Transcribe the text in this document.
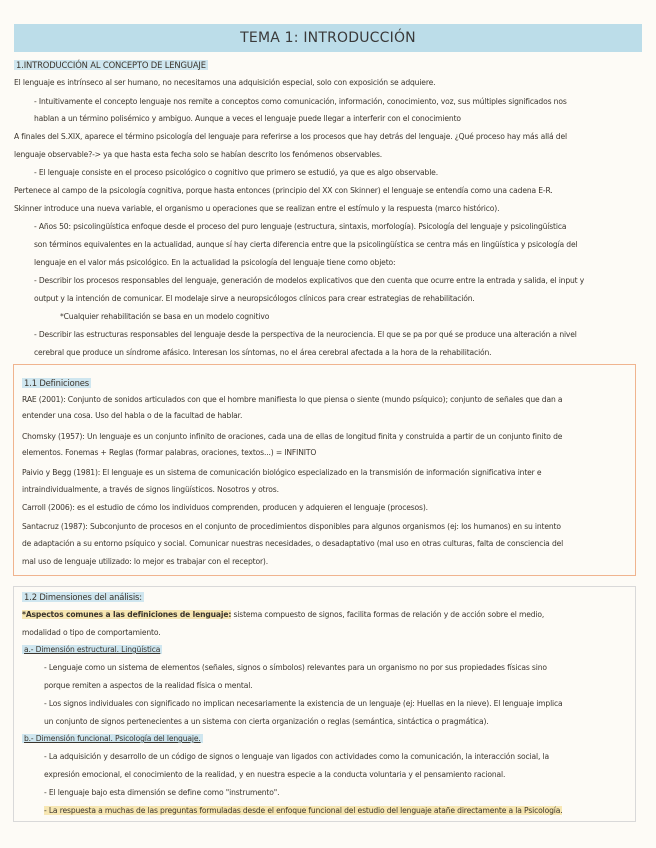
TEMA 1: INTRODUCCIÓN
1.INTRODUCCIÓN AL CONCEPTO DE LENGUAJE
El lenguaje es intrínseco al ser humano, no necesitamos una adquisición especial, solo con exposición se adquiere.
- Intuitivamente el concepto lenguaje nos remite a conceptos como comunicación, información, conocimiento, voz, sus múltiples significados nos
hablan a un término polisémico y ambiguo. Aunque a veces el lenguaje puede llegar a interferir con el conocimiento
A finales del S.XIX, aparece el término psicología del lenguaje para referirse a los procesos que hay detrás del lenguaje. ¿Qué proceso hay más allá del
lenguaje observable?-> ya que hasta esta fecha solo se habían descrito los fenómenos observables.
- El lenguaje consiste en el proceso psicológico o cognitivo que primero se estudió, ya que es algo observable.
Pertenece al campo de la psicología cognitiva, porque hasta entonces (principio del XX con Skinner) el lenguaje se entendía como una cadena E-R.
Skinner introduce una nueva variable, el organismo u operaciones que se realizan entre el estímulo y la respuesta (marco histórico).
- Años 50: psicolingüística enfoque desde el proceso del puro lenguaje (estructura, sintaxis, morfología). Psicología del lenguaje y psicolingüística
son términos equivalentes en la actualidad, aunque sí hay cierta diferencia entre que la psicolingüística se centra más en lingüística y psicología del
lenguaje en el valor más psicológico. En la actualidad la psicología del lenguaje tiene como objeto:
- Describir los procesos responsables del lenguaje, generación de modelos explicativos que den cuenta que ocurre entre la entrada y salida, el input y
output y la intención de comunicar. El modelaje sirve a neuropsicólogos clínicos para crear estrategias de rehabilitación.
*Cualquier rehabilitación se basa en un modelo cognitivo
- Describir las estructuras responsables del lenguaje desde la perspectiva de la neurociencia. El que se pa por qué se produce una alteración a nivel
cerebral que produce un síndrome afásico. Interesan los síntomas, no el área cerebral afectada a la hora de la rehabilitación.
1.1 Definiciones
RAE (2001): Conjunto de sonidos articulados con que el hombre manifiesta lo que piensa o siente (mundo psíquico); conjunto de señales que dan a
entender una cosa. Uso del habla o de la facultad de hablar.
Chomsky (1957): Un lenguaje es un conjunto infinito de oraciones, cada una de ellas de longitud finita y construida a partir de un conjunto finito de
elementos. Fonemas + Reglas (formar palabras, oraciones, textos...) = INFINITO
Paivio y Begg (1981): El lenguaje es un sistema de comunicación biológico especializado en la transmisión de información significativa inter e
intraindividualmente, a través de signos lingüísticos. Nosotros y otros.
Carroll (2006): es el estudio de cómo los individuos comprenden, producen y adquieren el lenguaje (procesos).
Santacruz (1987): Subconjunto de procesos en el conjunto de procedimientos disponibles para algunos organismos (ej: los humanos) en su intento
de adaptación a su entorno psíquico y social. Comunicar nuestras necesidades, o desadaptativo (mal uso en otras culturas, falta de consciencia del
mal uso de lenguaje utilizado: lo mejor es trabajar con el receptor).
1.2 Dimensiones del análisis:
*Aspectos comunes a las definiciones de lenguaje: sistema compuesto de signos, facilita formas de relación y de acción sobre el medio,
modalidad o tipo de comportamiento.
a.- Dimensión estructural. Lingüística
- Lenguaje como un sistema de elementos (señales, signos o símbolos) relevantes para un organismo no por sus propiedades físicas sino
porque remiten a aspectos de la realidad física o mental.
- Los signos individuales con significado no implican necesariamente la existencia de un lenguaje (ej: Huellas en la nieve). El lenguaje implica
un conjunto de signos pertenecientes a un sistema con cierta organización o reglas (semántica, sintáctica o pragmática).
b.- Dimensión funcional. Psicología del lenguaje.
- La adquisición y desarrollo de un código de signos o lenguaje van ligados con actividades como la comunicación, la interacción social, la
expresión emocional, el conocimiento de la realidad, y en nuestra especie a la conducta voluntaria y el pensamiento racional.
- El lenguaje bajo esta dimensión se define como "instrumento".
- La respuesta a muchas de las preguntas formuladas desde el enfoque funcional del estudio del lenguaje atañe directamente a la Psicología.
